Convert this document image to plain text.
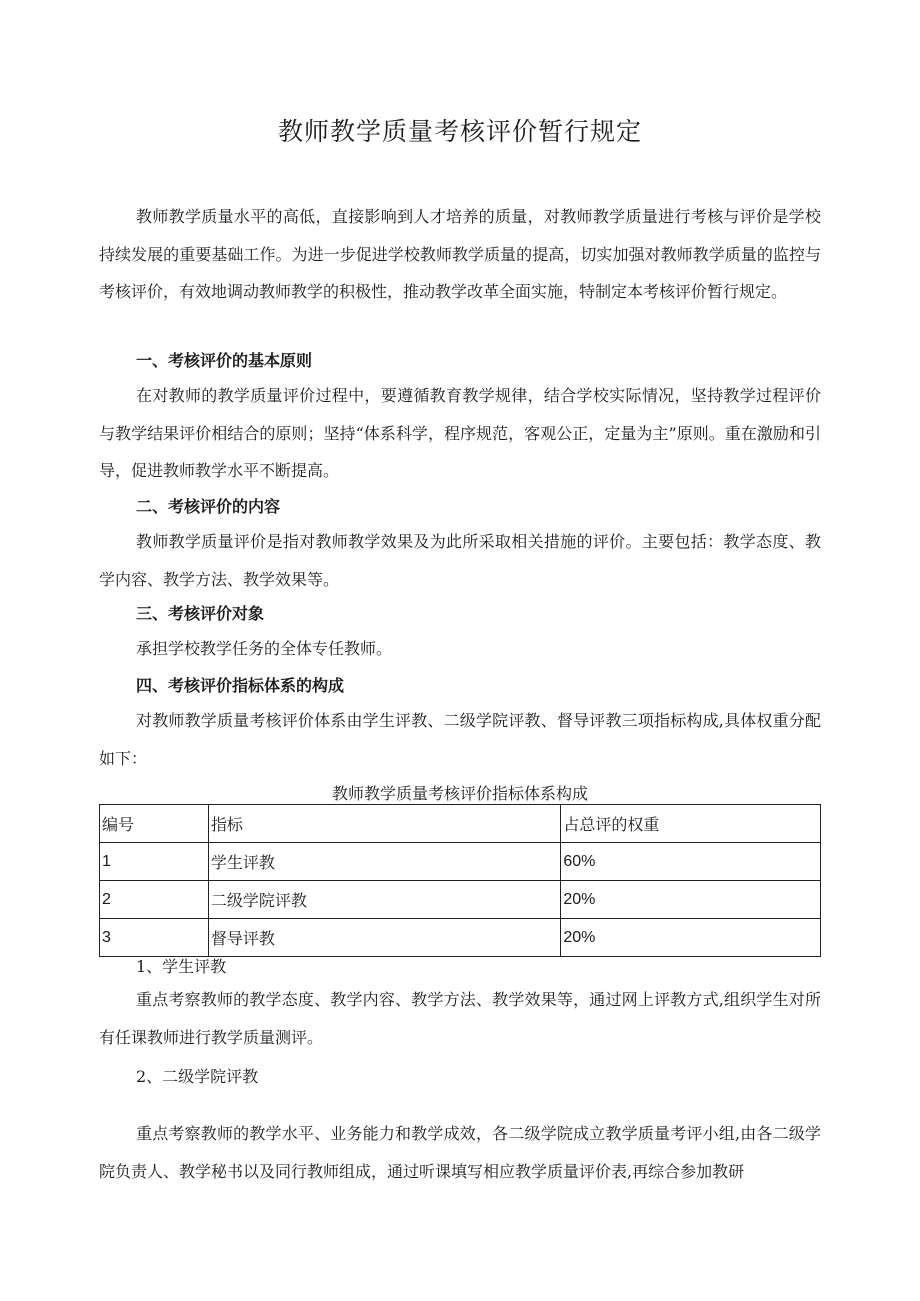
教师教学质量考核评价暂行规定

教师教学质量水平的高低，直接影响到人才培养的质量，对教师教学质量进行考核与评价是学校持续发展的重要基础工作。为进一步促进学校教师教学质量的提高，切实加强对教师教学质量的监控与考核评价，有效地调动教师教学的积极性，推动教学改革全面实施，特制定本考核评价暂行规定。

一、考核评价的基本原则

在对教师的教学质量评价过程中，要遵循教育教学规律，结合学校实际情况，坚持教学过程评价与教学结果评价相结合的原则；坚持“体系科学，程序规范，客观公正，定量为主”原则。重在激励和引导，促进教师教学水平不断提高。

二、考核评价的内容

教师教学质量评价是指对教师教学效果及为此所采取相关措施的评价。主要包括：教学态度、教学内容、教学方法、教学效果等。

三、考核评价对象

承担学校教学任务的全体专任教师。

四、考核评价指标体系的构成

对教师教学质量考核评价体系由学生评教、二级学院评教、督导评教三项指标构成,具体权重分配如下：

教师教学质量考核评价指标体系构成
编号	指标	占总评的权重
1	学生评教	60%
2	二级学院评教	20%
3	督导评教	20%
1、学生评教

重点考察教师的教学态度、教学内容、教学方法、教学效果等，通过网上评教方式,组织学生对所有任课教师进行教学质量测评。

2、二级学院评教

重点考察教师的教学水平、业务能力和教学成效，各二级学院成立教学质量考评小组,由各二级学院负责人、教学秘书以及同行教师组成，通过听课填写相应教学质量评价表,再综合参加教研
